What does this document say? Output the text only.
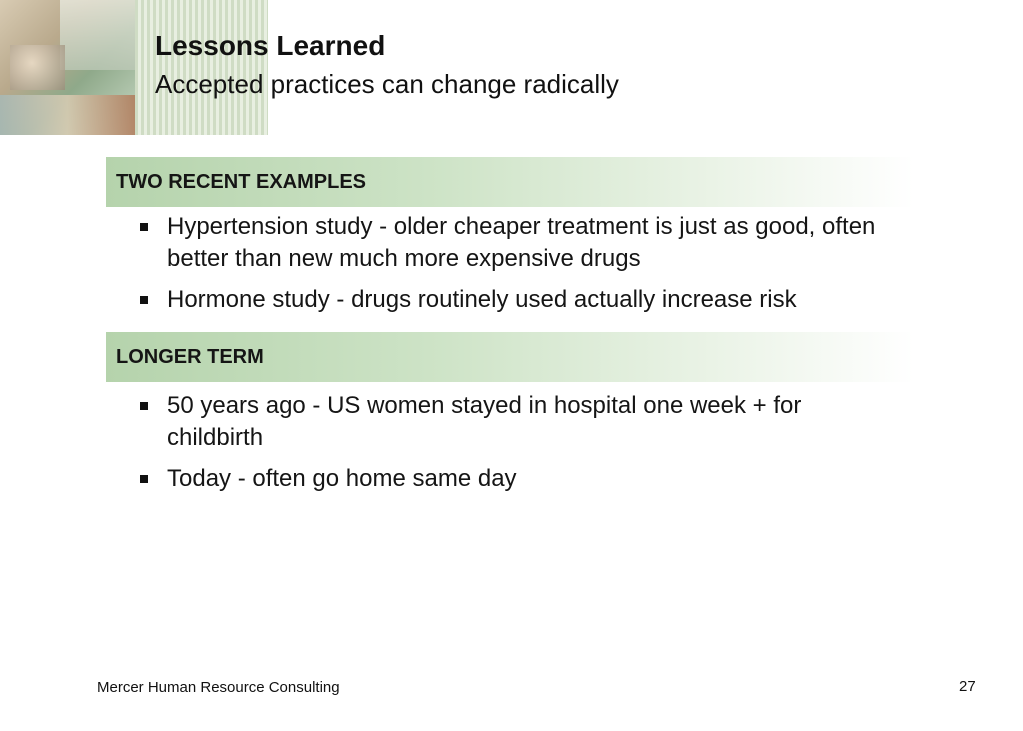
Lessons Learned
Accepted practices can change radically
TWO RECENT EXAMPLES
Hypertension study - older cheaper treatment is just as good, often better than new much more expensive drugs
Hormone study - drugs routinely used actually increase risk
LONGER TERM
50 years ago - US women stayed in hospital one week + for childbirth
Today - often go home same day
Mercer Human Resource Consulting	27
